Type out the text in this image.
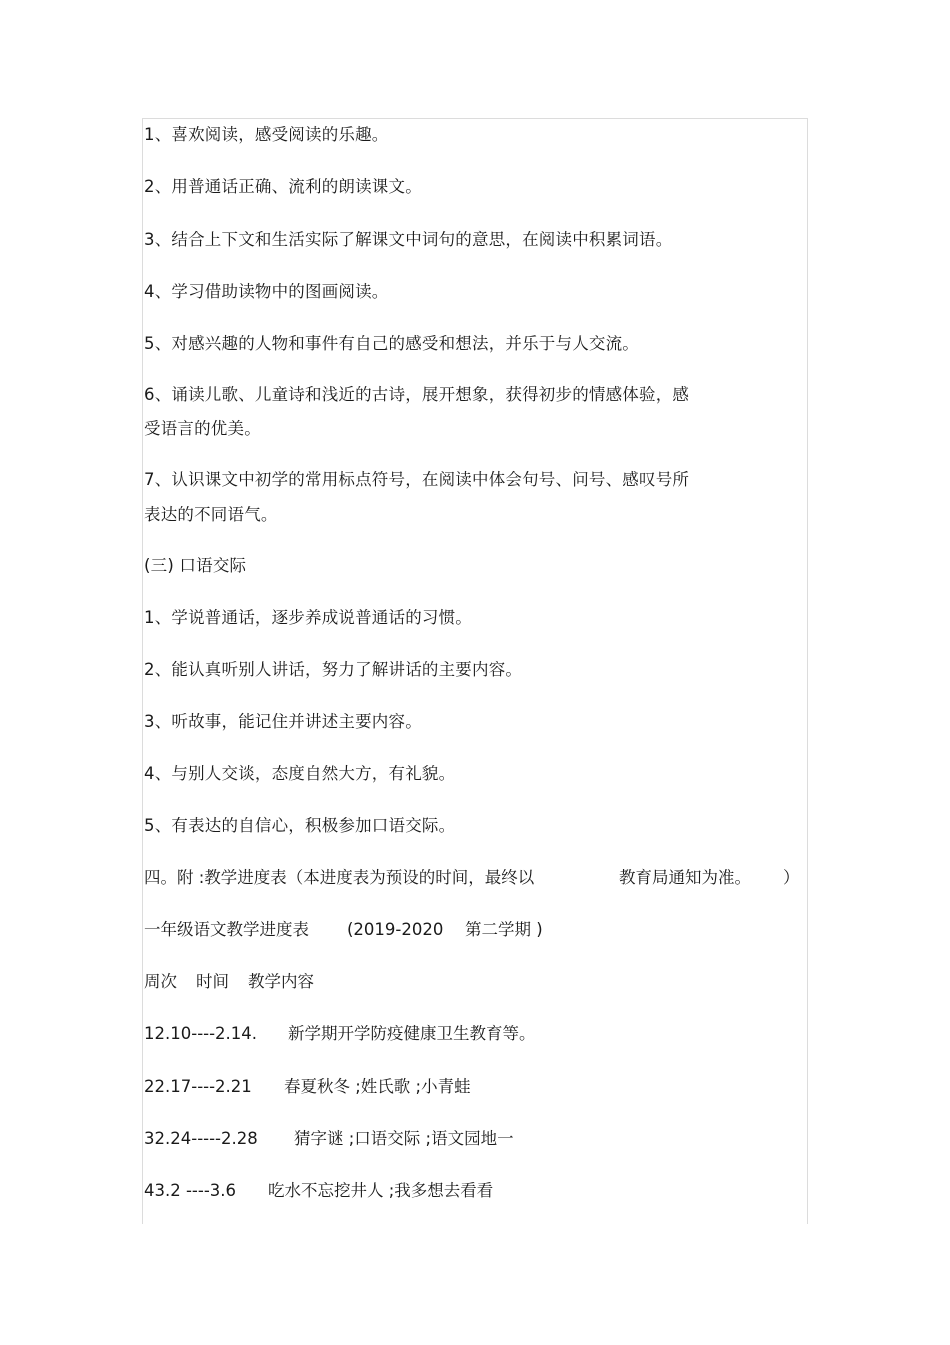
1、喜欢阅读，感受阅读的乐趣。
2、用普通话正确、流利的朗读课文。
3、结合上下文和生活实际了解课文中词句的意思，在阅读中积累词语。
4、学习借助读物中的图画阅读。
5、对感兴趣的人物和事件有自己的感受和想法，并乐于与人交流。
6、诵读儿歌、儿童诗和浅近的古诗，展开想象，获得初步的情感体验，感
受语言的优美。
7、认识课文中初学的常用标点符号，在阅读中体会句号、问号、感叹号所
表达的不同语气。
(三) 口语交际
1、学说普通话，逐步养成说普通话的习惯。
2、能认真听别人讲话，努力了解讲话的主要内容。
3、听故事，能记住并讲述主要内容。
4、与别人交谈，态度自然大方，有礼貌。
5、有表达的自信心，积极参加口语交际。
四。附 :教学进度表（本进度表为预设的时间，最终以	教育局通知为准。 ）
一年级语文教学进度表 (2019-2020 第二学期 )
周次 时间 教学内容
12.10----2.14. 新学期开学防疫健康卫生教育等。
22.17----2.21 春夏秋冬 ;姓氏歌 ;小青蛙
32.24-----2.28 猜字谜 ;口语交际 ;语文园地一
43.2 ----3.6 吃水不忘挖井人 ;我多想去看看
